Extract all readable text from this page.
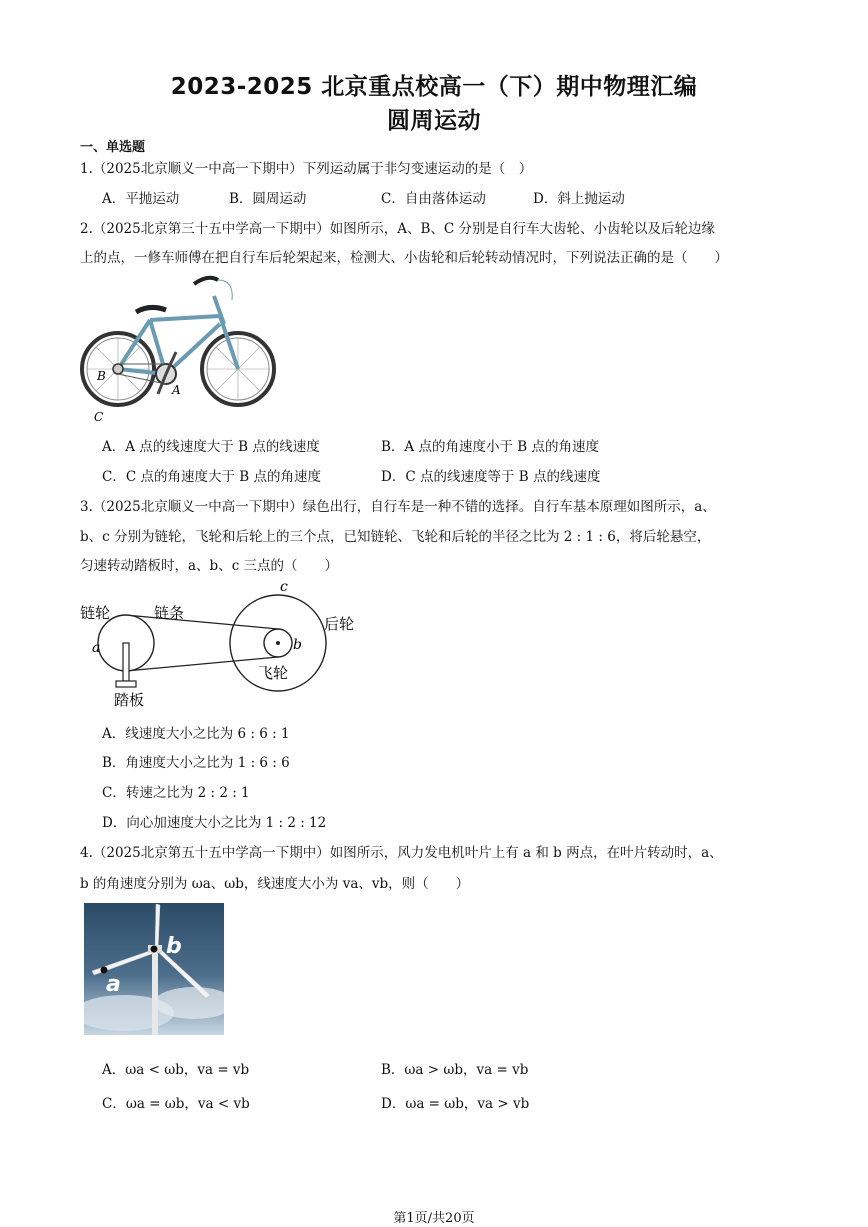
2023-2025 北京重点校高一（下）期中物理汇编
圆周运动
一、单选题
1.（2025北京顺义一中高一下期中）下列运动属于非匀变速运动的是（　）
A．平抛运动	B．圆周运动	C．自由落体运动	D．斜上抛运动
2.（2025北京第三十五中学高一下期中）如图所示，A、B、C 分别是自行车大齿轮、小齿轮以及后轮边缘
上的点，一修车师傅在把自行车后轮架起来，检测大、小齿轮和后轮转动情况时，下列说法正确的是（　　）
B
A
C
A．A 点的线速度大于 B 点的线速度	B．A 点的角速度小于 B 点的角速度
C．C 点的角速度大于 B 点的角速度	D．C 点的线速度等于 B 点的线速度
3.（2025北京顺义一中高一下期中）绿色出行，自行车是一种不错的选择。自行车基本原理如图所示，a、
b、c 分别为链轮，飞轮和后轮上的三个点，已知链轮、飞轮和后轮的半径之比为 2 : 1 : 6，将后轮悬空，
匀速转动踏板时，a、b、c 三点的（　　）
链轮	链条
后轮
飞轮
踏板
a	b
c
A．线速度大小之比为 6 : 6 : 1
B．角速度大小之比为 1 : 6 : 6
C．转速之比为 2 : 2 : 1
D．向心加速度大小之比为 1 : 2 : 12
4.（2025北京第五十五中学高一下期中）如图所示，风力发电机叶片上有 a 和 b 两点，在叶片转动时，a、
b 的角速度分别为 ωa、ωb，线速度大小为 va、vb，则（　　）
b
a
A．ωa < ωb，va = vb	B．ωa > ωb，va = vb
C．ωa = ωb，va < vb	D．ωa = ωb，va > vb
第1页/共20页
